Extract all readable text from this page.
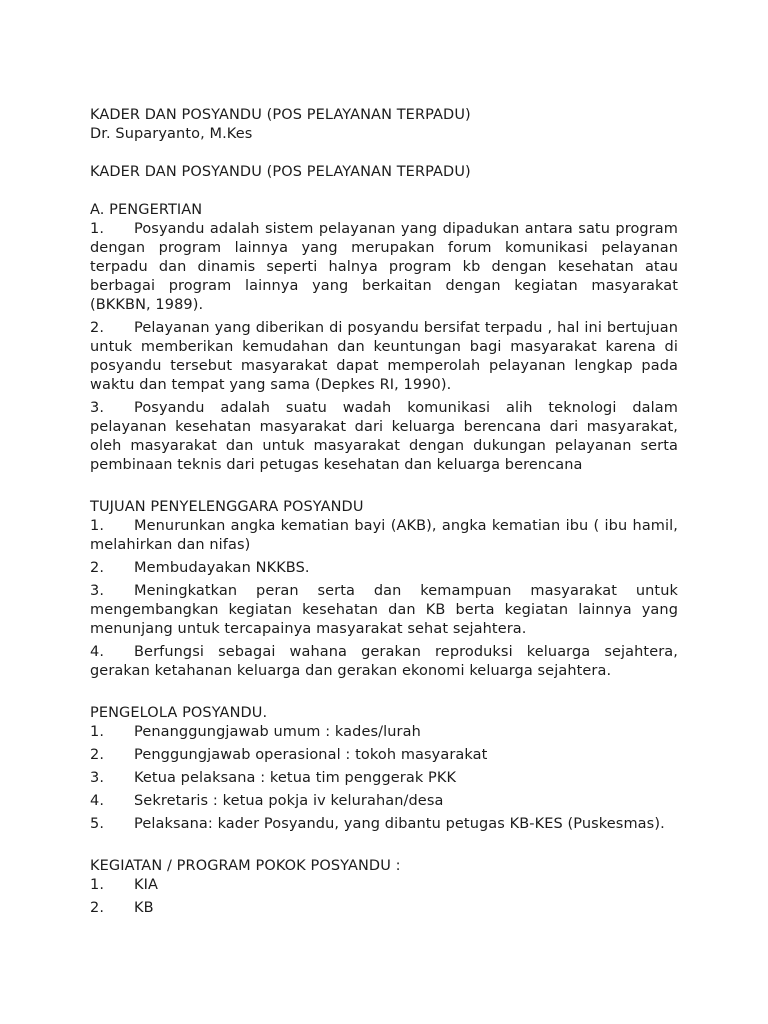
KADER DAN POSYANDU (POS PELAYANAN TERPADU)

Dr. Suparyanto, M.Kes

KADER DAN POSYANDU (POS PELAYANAN TERPADU)

A. PENGERTIAN

1. Posyandu adalah sistem pelayanan yang dipadukan antara satu program dengan program lainnya yang merupakan forum komunikasi pelayanan terpadu dan dinamis seperti halnya program kb dengan kesehatan atau berbagai program lainnya yang berkaitan dengan kegiatan masyarakat (BKKBN, 1989).

2. Pelayanan yang diberikan di posyandu bersifat terpadu , hal ini bertujuan untuk memberikan kemudahan dan keuntungan bagi masyarakat karena di posyandu tersebut masyarakat dapat memperolah pelayanan lengkap pada waktu dan tempat yang sama (Depkes RI, 1990).

3. Posyandu adalah suatu wadah komunikasi alih teknologi dalam pelayanan kesehatan masyarakat dari keluarga berencana dari masyarakat, oleh masyarakat dan untuk masyarakat dengan dukungan pelayanan serta pembinaan teknis dari petugas kesehatan dan keluarga berencana

TUJUAN PENYELENGGARA POSYANDU

1. Menurunkan angka kematian bayi (AKB), angka kematian ibu ( ibu hamil, melahirkan dan nifas)

2. Membudayakan NKKBS.

3. Meningkatkan peran serta dan kemampuan masyarakat untuk mengembangkan kegiatan kesehatan dan KB berta kegiatan lainnya yang menunjang untuk tercapainya masyarakat sehat sejahtera.

4. Berfungsi sebagai wahana gerakan reproduksi keluarga sejahtera, gerakan ketahanan keluarga dan gerakan ekonomi keluarga sejahtera.

PENGELOLA POSYANDU.

1.	Penanggungjawab umum : kades/lurah
2.	Penggungjawab operasional : tokoh masyarakat
3.	Ketua pelaksana : ketua tim penggerak PKK
4.	Sekretaris : ketua pokja iv kelurahan/desa

5. Pelaksana: kader Posyandu, yang dibantu petugas KB-KES (Puskesmas).

KEGIATAN / PROGRAM POKOK POSYANDU :

1.	KIA
2.	KB
